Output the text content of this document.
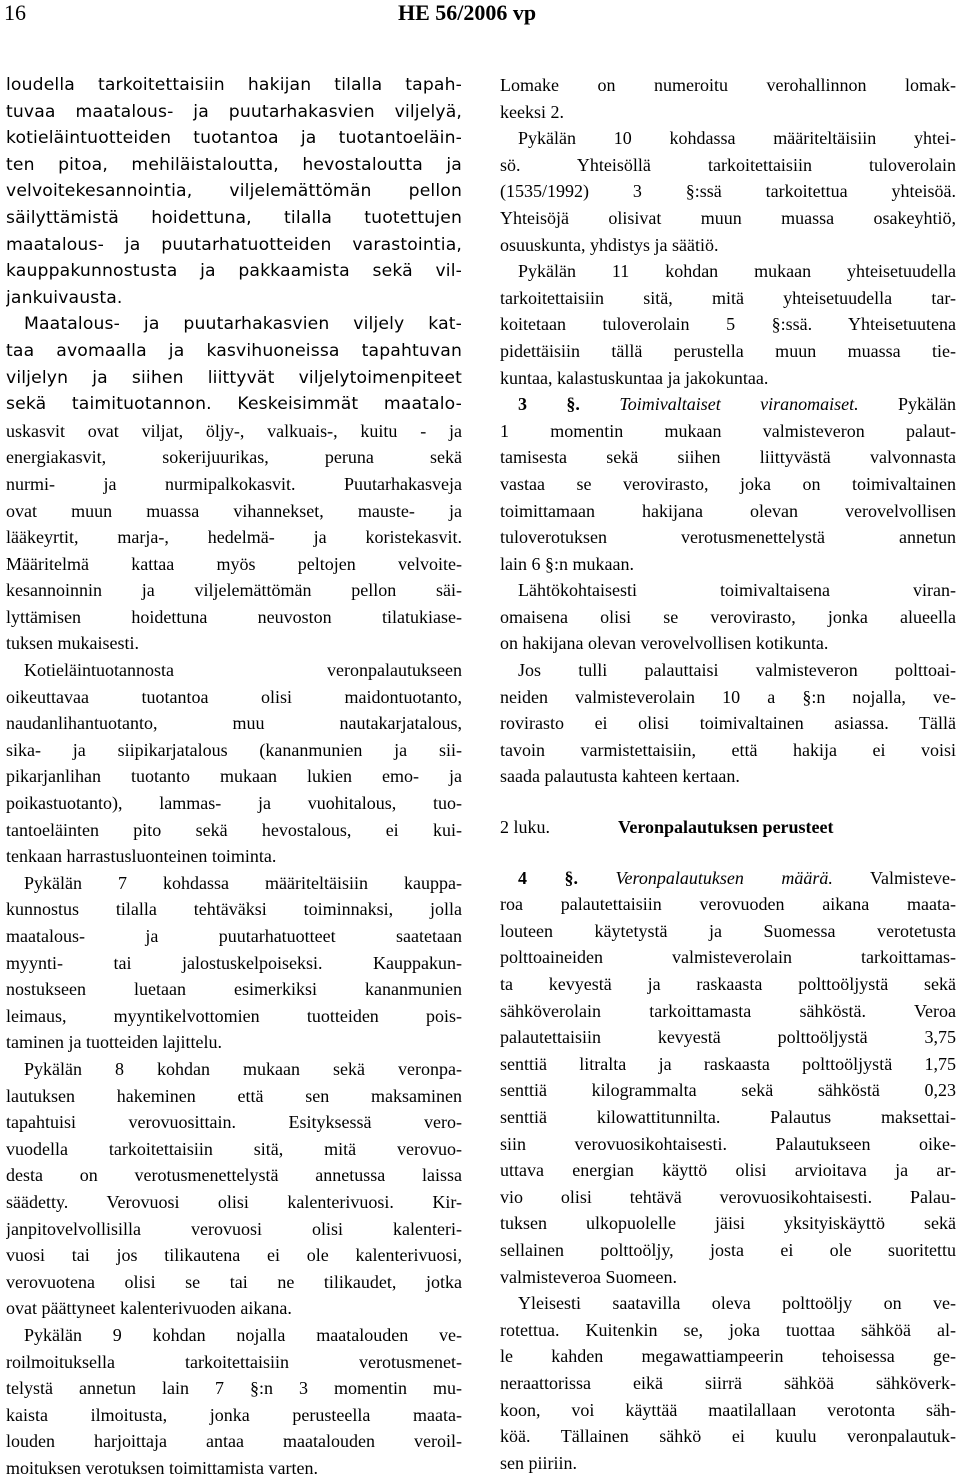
16	HE 56/2006 vp
loudella tarkoitettaisiin hakijan tilalla tapah-
tuvaa maatalous- ja puutarhakasvien viljelyä,
kotieläintuotteiden tuotantoa ja tuotantoeläin-
ten pitoa, mehiläistaloutta, hevostaloutta ja
velvoitekesannointia, viljelemättömän pellon
säilyttämistä hoidettuna, tilalla tuotettujen
maatalous- ja puutarhatuotteiden varastointia,
kauppakunnostusta ja pakkaamista sekä vil-
jankuivausta.
Maatalous- ja puutarhakasvien viljely kat-
taa avomaalla ja kasvihuoneissa tapahtuvan
viljelyn ja siihen liittyvät viljelytoimenpiteet
sekä taimituotannon. Keskeisimmät maatalo-
uskasvit ovat viljat, öljy-, valkuais-, kuitu - ja
energiakasvit, sokerijuurikas, peruna sekä
nurmi- ja nurmipalkokasvit. Puutarhakasveja
ovat muun muassa vihannekset, mauste- ja
lääkeyrtit, marja-, hedelmä- ja koristekasvit.
Määritelmä kattaa myös peltojen velvoite-
kesannoinnin ja viljelemättömän pellon säi-
lyttämisen hoidettuna neuvoston tilatukiase-
tuksen mukaisesti.
Kotieläintuotannosta veronpalautukseen
oikeuttavaa tuotantoa olisi maidontuotanto,
naudanlihantuotanto, muu nautakarjatalous,
sika- ja siipikarjatalous (kananmunien ja sii-
pikarjanlihan tuotanto mukaan lukien emo- ja
poikastuotanto), lammas- ja vuohitalous, tuo-
tantoeläinten pito sekä hevostalous, ei kui-
tenkaan harrastusluonteinen toiminta.
Pykälän 7 kohdassa määriteltäisiin kauppa-
kunnostus tilalla tehtäväksi toiminnaksi, jolla
maatalous- ja puutarhatuotteet saatetaan
myynti- tai jalostuskelpoiseksi. Kauppakun-
nostukseen luetaan esimerkiksi kananmunien
leimaus, myyntikelvottomien tuotteiden pois-
taminen ja tuotteiden lajittelu.
Pykälän 8 kohdan mukaan sekä veronpa-
lautuksen hakeminen että sen maksaminen
tapahtuisi verovuosittain. Esityksessä vero-
vuodella tarkoitettaisiin sitä, mitä verovuo-
desta on verotusmenettelystä annetussa laissa
säädetty. Verovuosi olisi kalenterivuosi. Kir-
janpitovelvollisilla verovuosi olisi kalenteri-
vuosi tai jos tilikautena ei ole kalenterivuosi,
verovuotena olisi se tai ne tilikaudet, jotka
ovat päättyneet kalenterivuoden aikana.
Pykälän 9 kohdan nojalla maatalouden ve-
roilmoituksella tarkoitettaisiin verotusmenet-
telystä annetun lain 7 §:n 3 momentin mu-
kaista ilmoitusta, jonka perusteella maata-
louden harjoittaja antaa maatalouden veroil-
moituksen verotuksen toimittamista varten.
Lomake on numeroitu verohallinnon lomak-
keeksi 2.
Pykälän 10 kohdassa määriteltäisiin yhtei-
sö. Yhteisöllä tarkoitettaisiin tuloverolain
(1535/1992) 3 §:ssä tarkoitettua yhteisöä.
Yhteisöjä olisivat muun muassa osakeyhtiö,
osuuskunta, yhdistys ja säätiö.
Pykälän 11 kohdan mukaan yhteisetuudella
tarkoitettaisiin sitä, mitä yhteisetuudella tar-
koitetaan tuloverolain 5 §:ssä. Yhteisetuutena
pidettäisiin tällä perustella muun muassa tie-
kuntaa, kalastuskuntaa ja jakokuntaa.
3 §. Toimivaltaiset viranomaiset. Pykälän
1 momentin mukaan valmisteveron palaut-
tamisesta sekä siihen liittyvästä valvonnasta
vastaa se verovirasto, joka on toimivaltainen
toimittamaan hakijana olevan verovelvollisen
tuloverotuksen verotusmenettelystä annetun
lain 6 §:n mukaan.
Lähtökohtaisesti toimivaltaisena viran-
omaisena olisi se verovirasto, jonka alueella
on hakijana olevan verovelvollisen kotikunta.
Jos tulli palauttaisi valmisteveron polttoai-
neiden valmisteverolain 10 a §:n nojalla, ve-
rovirasto ei olisi toimivaltainen asiassa. Tällä
tavoin varmistettaisiin, että hakija ei voisi
saada palautusta kahteen kertaan.
2 luku.	Veronpalautuksen perusteet
4 §. Veronpalautuksen määrä. Valmisteve-
roa palautettaisiin verovuoden aikana maata-
louteen käytetystä ja Suomessa verotetusta
polttoaineiden valmisteverolain tarkoittamas-
ta kevyestä ja raskaasta polttoöljystä sekä
sähköverolain tarkoittamasta sähköstä. Veroa
palautettaisiin kevyestä polttoöljystä 3,75
senttiä litralta ja raskaasta polttoöljystä 1,75
senttiä kilogrammalta sekä sähköstä 0,23
senttiä kilowattitunnilta. Palautus maksettai-
siin verovuosikohtaisesti. Palautukseen oike-
uttava energian käyttö olisi arvioitava ja ar-
vio olisi tehtävä verovuosikohtaisesti. Palau-
tuksen ulkopuolelle jäisi yksityiskäyttö sekä
sellainen polttoöljy, josta ei ole suoritettu
valmisteveroa Suomeen.
Yleisesti saatavilla oleva polttoöljy on ve-
rotettua. Kuitenkin se, joka tuottaa sähköä al-
le kahden megawattiampeerin tehoisessa ge-
neraattorissa eikä siirrä sähköä sähköverk-
koon, voi käyttää maatilallaan verotonta säh-
köä. Tällainen sähkö ei kuulu veronpalautuk-
sen piiriin.
